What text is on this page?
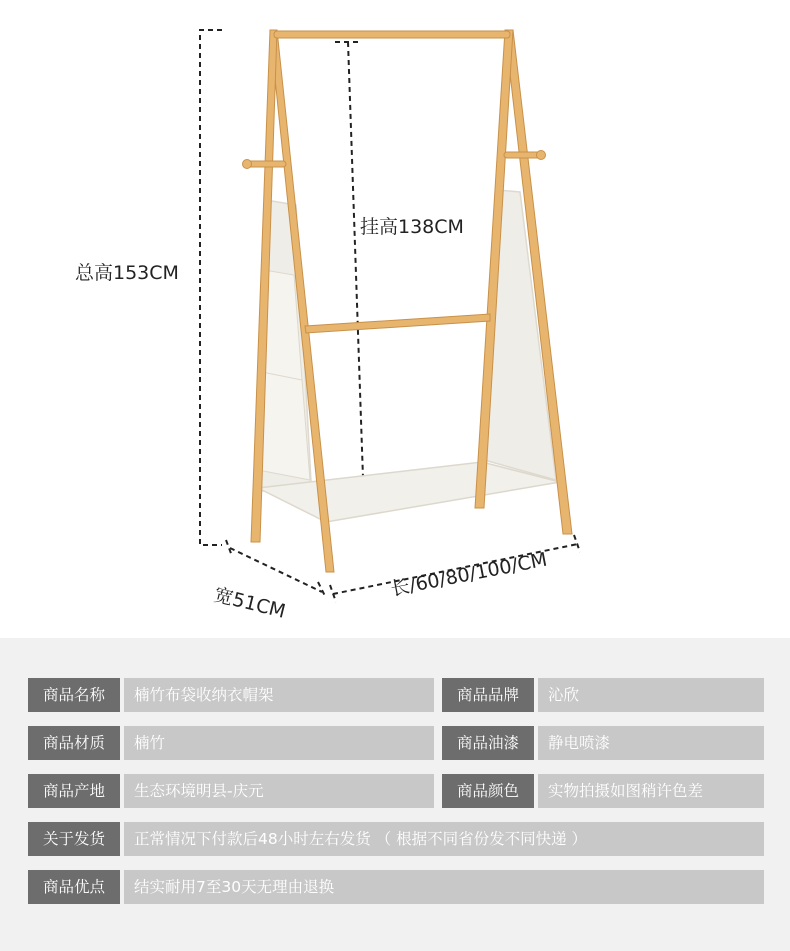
总高153CM
挂高138CM
宽51CM
长/60/80/100/CM
商品名称	楠竹布袋收纳衣帽架	商品品牌	沁欣
商品材质	楠竹	商品油漆	静电喷漆
商品产地	生态环境明县-庆元	商品颜色	实物拍摄如图稍许色差
关于发货	正常情况下付款后48小时左右发货 （ 根据不同省份发不同快递 ）
商品优点	结实耐用7至30天无理由退换
